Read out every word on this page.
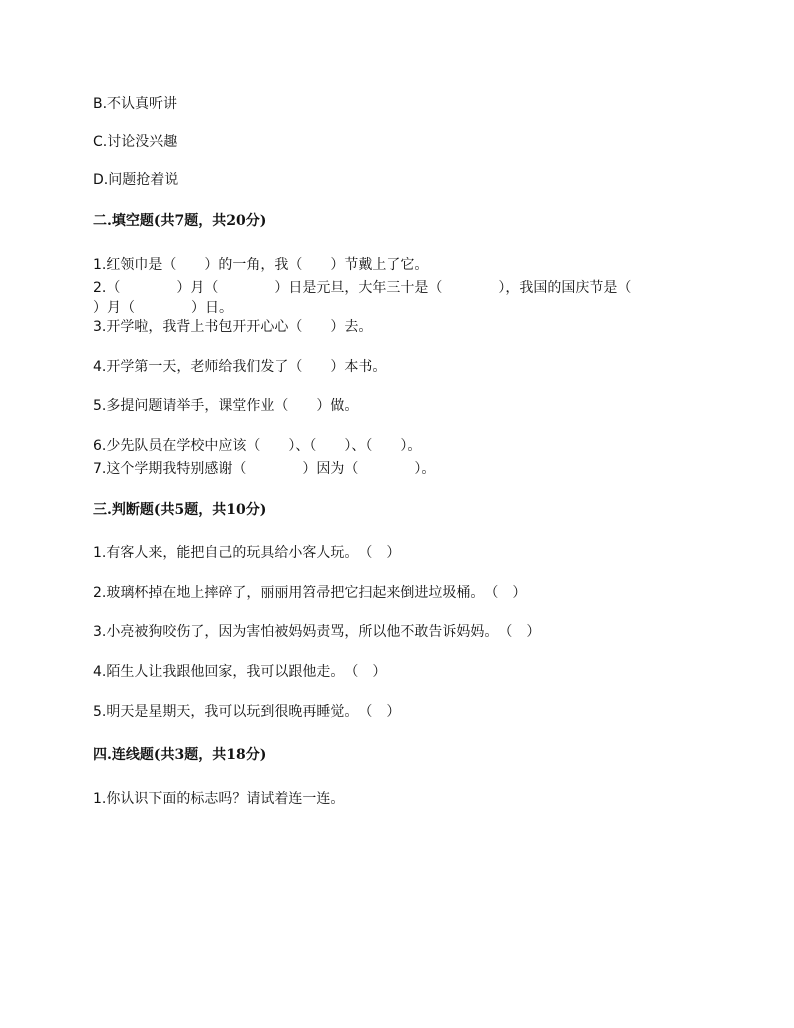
B.不认真听讲
C.讨论没兴趣
D.问题抢着说
二.填空题(共7题，共20分)
1.红领巾是（　　）的一角，我（　　）节戴上了它。
2.（　　　　）月（　　　　）日是元旦，大年三十是（　　　　），我国的国庆节是（
）月（　　　　）日。
3.开学啦，我背上书包开开心心（　　）去。
4.开学第一天，老师给我们发了（　　）本书。
5.多提问题请举手，课堂作业（　　）做。
6.少先队员在学校中应该（　　）、（　　）、（　　）。
7.这个学期我特别感谢（　　　　）因为（　　　　）。
三.判断题(共5题，共10分)
1.有客人来，能把自己的玩具给小客人玩。　（　）
2.玻璃杯掉在地上摔碎了，丽丽用笤帚把它扫起来倒进垃圾桶。　（　）
3.小亮被狗咬伤了，因为害怕被妈妈责骂，所以他不敢告诉妈妈。　（　）
4.陌生人让我跟他回家，我可以跟他走。　（　）
5.明天是星期天，我可以玩到很晚再睡觉。　（　）
四.连线题(共3题，共18分)
1.你认识下面的标志吗？请试着连一连。
